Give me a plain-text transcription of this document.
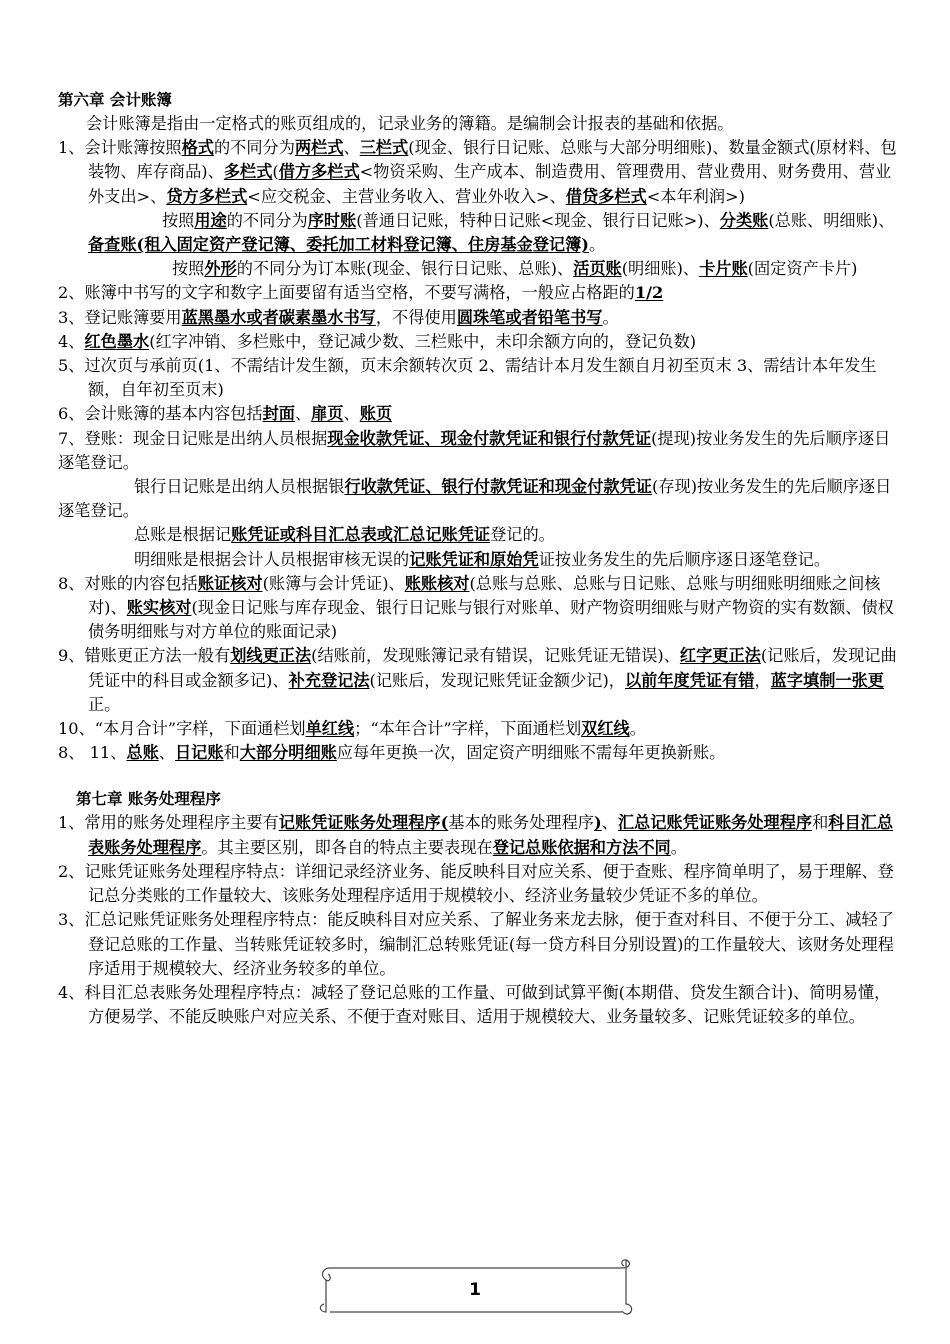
第六章 会计账簿

会计账簿是指由一定格式的账页组成的，记录业务的簿籍。是编制会计报表的基础和依据。

1、会计账簿按照格式的不同分为两栏式、三栏式(现金、银行日记账、总账与大部分明细账)、数量金额式(原材料、包装物、库存商品)、多栏式(借方多栏式<物资采购、生产成本、制造费用、管理费用、营业费用、财务费用、营业外支出>、贷方多栏式<应交税金、主营业务收入、营业外收入>、借贷多栏式<本年利润>)

按照用途的不同分为序时账(普通日记账，特种日记账<现金、银行日记账>)、分类账(总账、明细账)、备查账(租入固定资产登记簿、委托加工材料登记簿、住房基金登记簿)。

按照外形的不同分为订本账(现金、银行日记账、总账)、活页账(明细账)、卡片账(固定资产卡片)

2、账簿中书写的文字和数字上面要留有适当空格，不要写满格，一般应占格距的1/2

3、登记账簿要用蓝黑墨水或者碳素墨水书写，不得使用圆珠笔或者铅笔书写。

4、红色墨水(红字冲销、多栏账中，登记减少数、三栏账中，未印余额方向的，登记负数)

5、过次页与承前页(1、不需结计发生额，页末余额转次页 2、需结计本月发生额自月初至页末 3、需结计本年发生额，自年初至页末)

6、会计账簿的基本内容包括封面、扉页、账页

7、登账：现金日记账是出纳人员根据现金收款凭证、现金付款凭证和银行付款凭证(提现)按业务发生的先后顺序逐日逐笔登记。

银行日记账是出纳人员根据银行收款凭证、银行付款凭证和现金付款凭证(存现)按业务发生的先后顺序逐日逐笔登记。

总账是根据记账凭证或科目汇总表或汇总记账凭证登记的。

明细账是根据会计人员根据审核无误的记账凭证和原始凭证按业务发生的先后顺序逐日逐笔登记。

8、对账的内容包括账证核对(账簿与会计凭证)、账账核对(总账与总账、总账与日记账、总账与明细账明细账之间核对)、账实核对(现金日记账与库存现金、银行日记账与银行对账单、财产物资明细账与财产物资的实有数额、债权债务明细账与对方单位的账面记录)

9、错账更正方法一般有划线更正法(结账前，发现账簿记录有错误，记账凭证无错误)、红字更正法(记账后，发现记曲凭证中的科目或金额多记)、补充登记法(记账后，发现记账凭证金额少记)，以前年度凭证有错，蓝字填制一张更正。

10、“本月合计”字样，下面通栏划单红线；“本年合计”字样，下面通栏划双红线。

8、 11、总账、日记账和大部分明细账应每年更换一次，固定资产明细账不需每年更换新账。

第七章 账务处理程序

1、常用的账务处理程序主要有记账凭证账务处理程序(基本的账务处理程序)、汇总记账凭证账务处理程序和科目汇总表账务处理程序。其主要区别，即各自的特点主要表现在登记总账依据和方法不同。

2、记账凭证账务处理程序特点：详细记录经济业务、能反映科目对应关系、便于查账、程序简单明了，易于理解、登记总分类账的工作量较大、该账务处理程序适用于规模较小、经济业务量较少凭证不多的单位。

3、汇总记账凭证账务处理程序特点：能反映科目对应关系、了解业务来龙去脉，便于查对科目、不便于分工、减轻了登记总账的工作量、当转账凭证较多时，编制汇总转账凭证(每一贷方科目分别设置)的工作量较大、该财务处理程序适用于规模较大、经济业务较多的单位。

4、科目汇总表账务处理程序特点：减轻了登记总账的工作量、可做到试算平衡(本期借、贷发生额合计)、简明易懂，方便易学、不能反映账户对应关系、不便于查对账目、适用于规模较大、业务量较多、记账凭证较多的单位。

1
